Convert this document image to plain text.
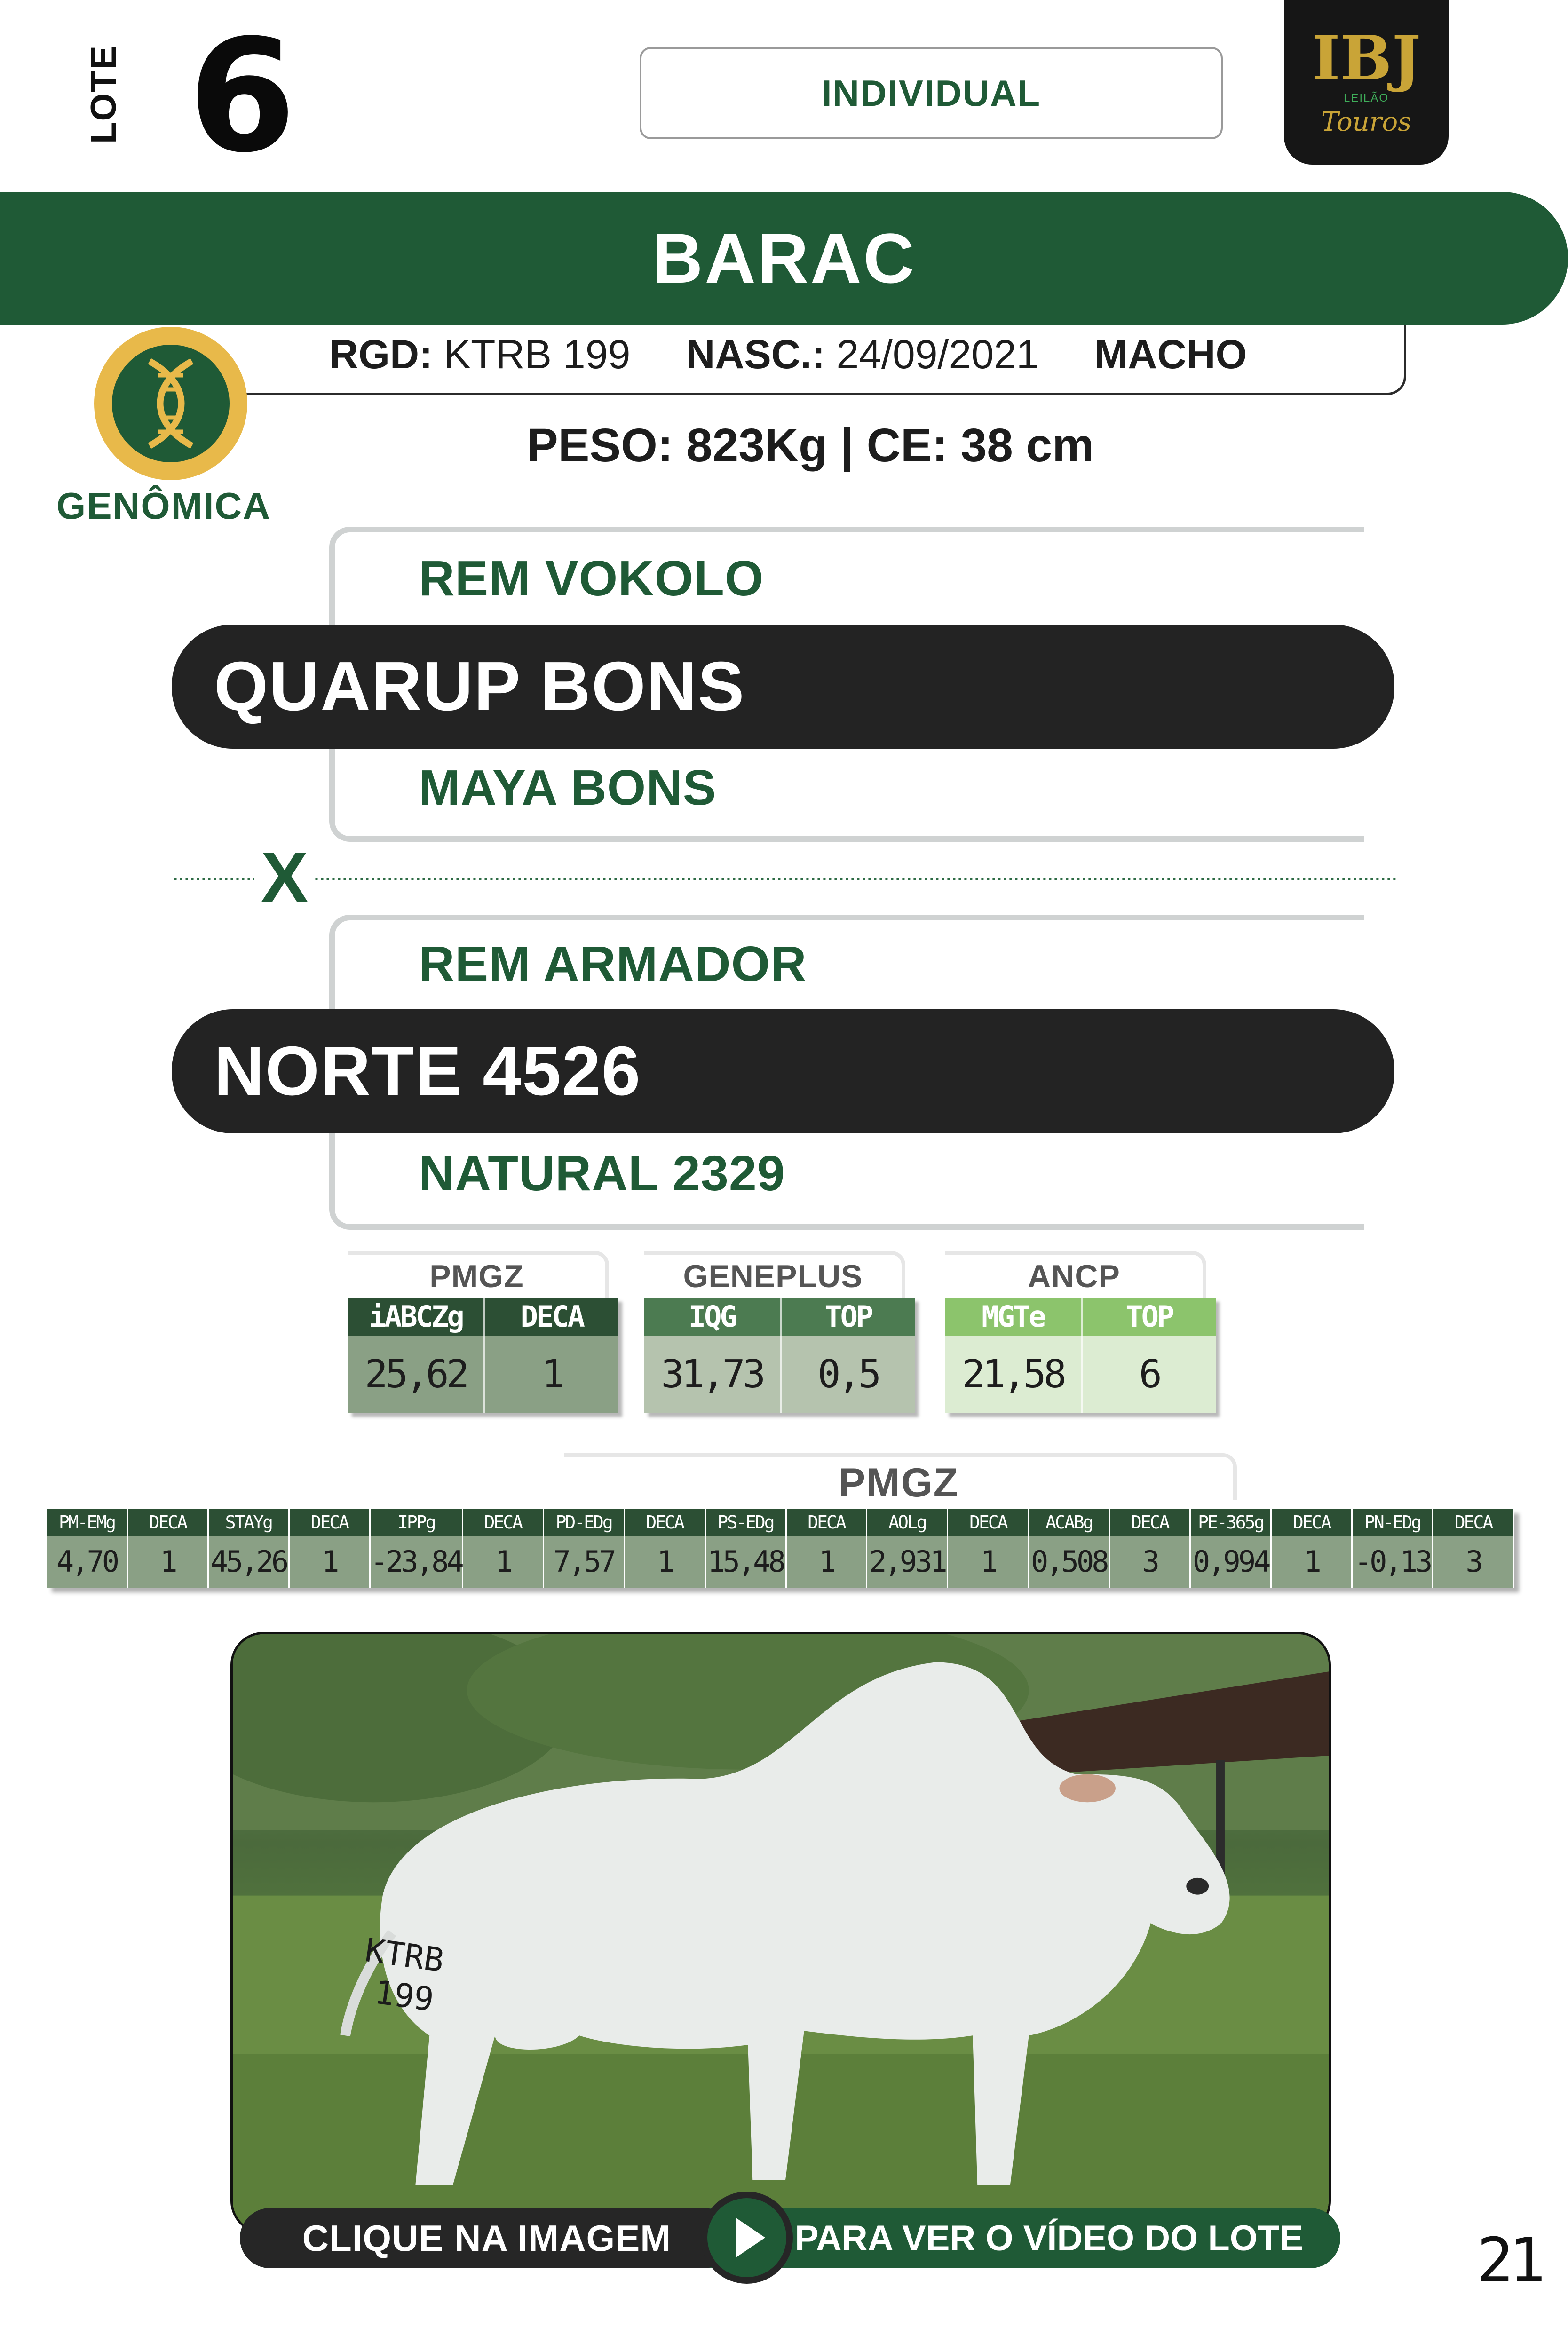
LOTE 6	INDIVIDUAL	IBJ
LEILÃO
Touros
BARAC
RGD: KTRB 199 NASC.: 24/09/2021 MACHO
PESO: 823Kg | CE: 38 cm
GENÔMICA
REM VOKOLO
QUARUP BONS
MAYA BONS
X
REM ARMADOR
NORTE 4526
NATURAL 2329
PMGZ
iABCZg	DECA
25,62	1
GENEPLUS
IQG	TOP
31,73	0,5
ANCP
MGTe	TOP
21,58	6
PMGZ
PM-EMg	DECA	STAYg	DECA	IPPg	DECA	PD-EDg	DECA	PS-EDg	DECA	AOLg	DECA	ACABg	DECA	PE-365g	DECA	PN-EDg	DECA
4,70	1	45,26	1	-23,84	1	7,57	1	15,48	1	2,931	1	0,508	3	0,994	1	-0,13	3
KTRB
199
CLIQUE NA IMAGEM	PARA VER O VÍDEO DO LOTE	21
